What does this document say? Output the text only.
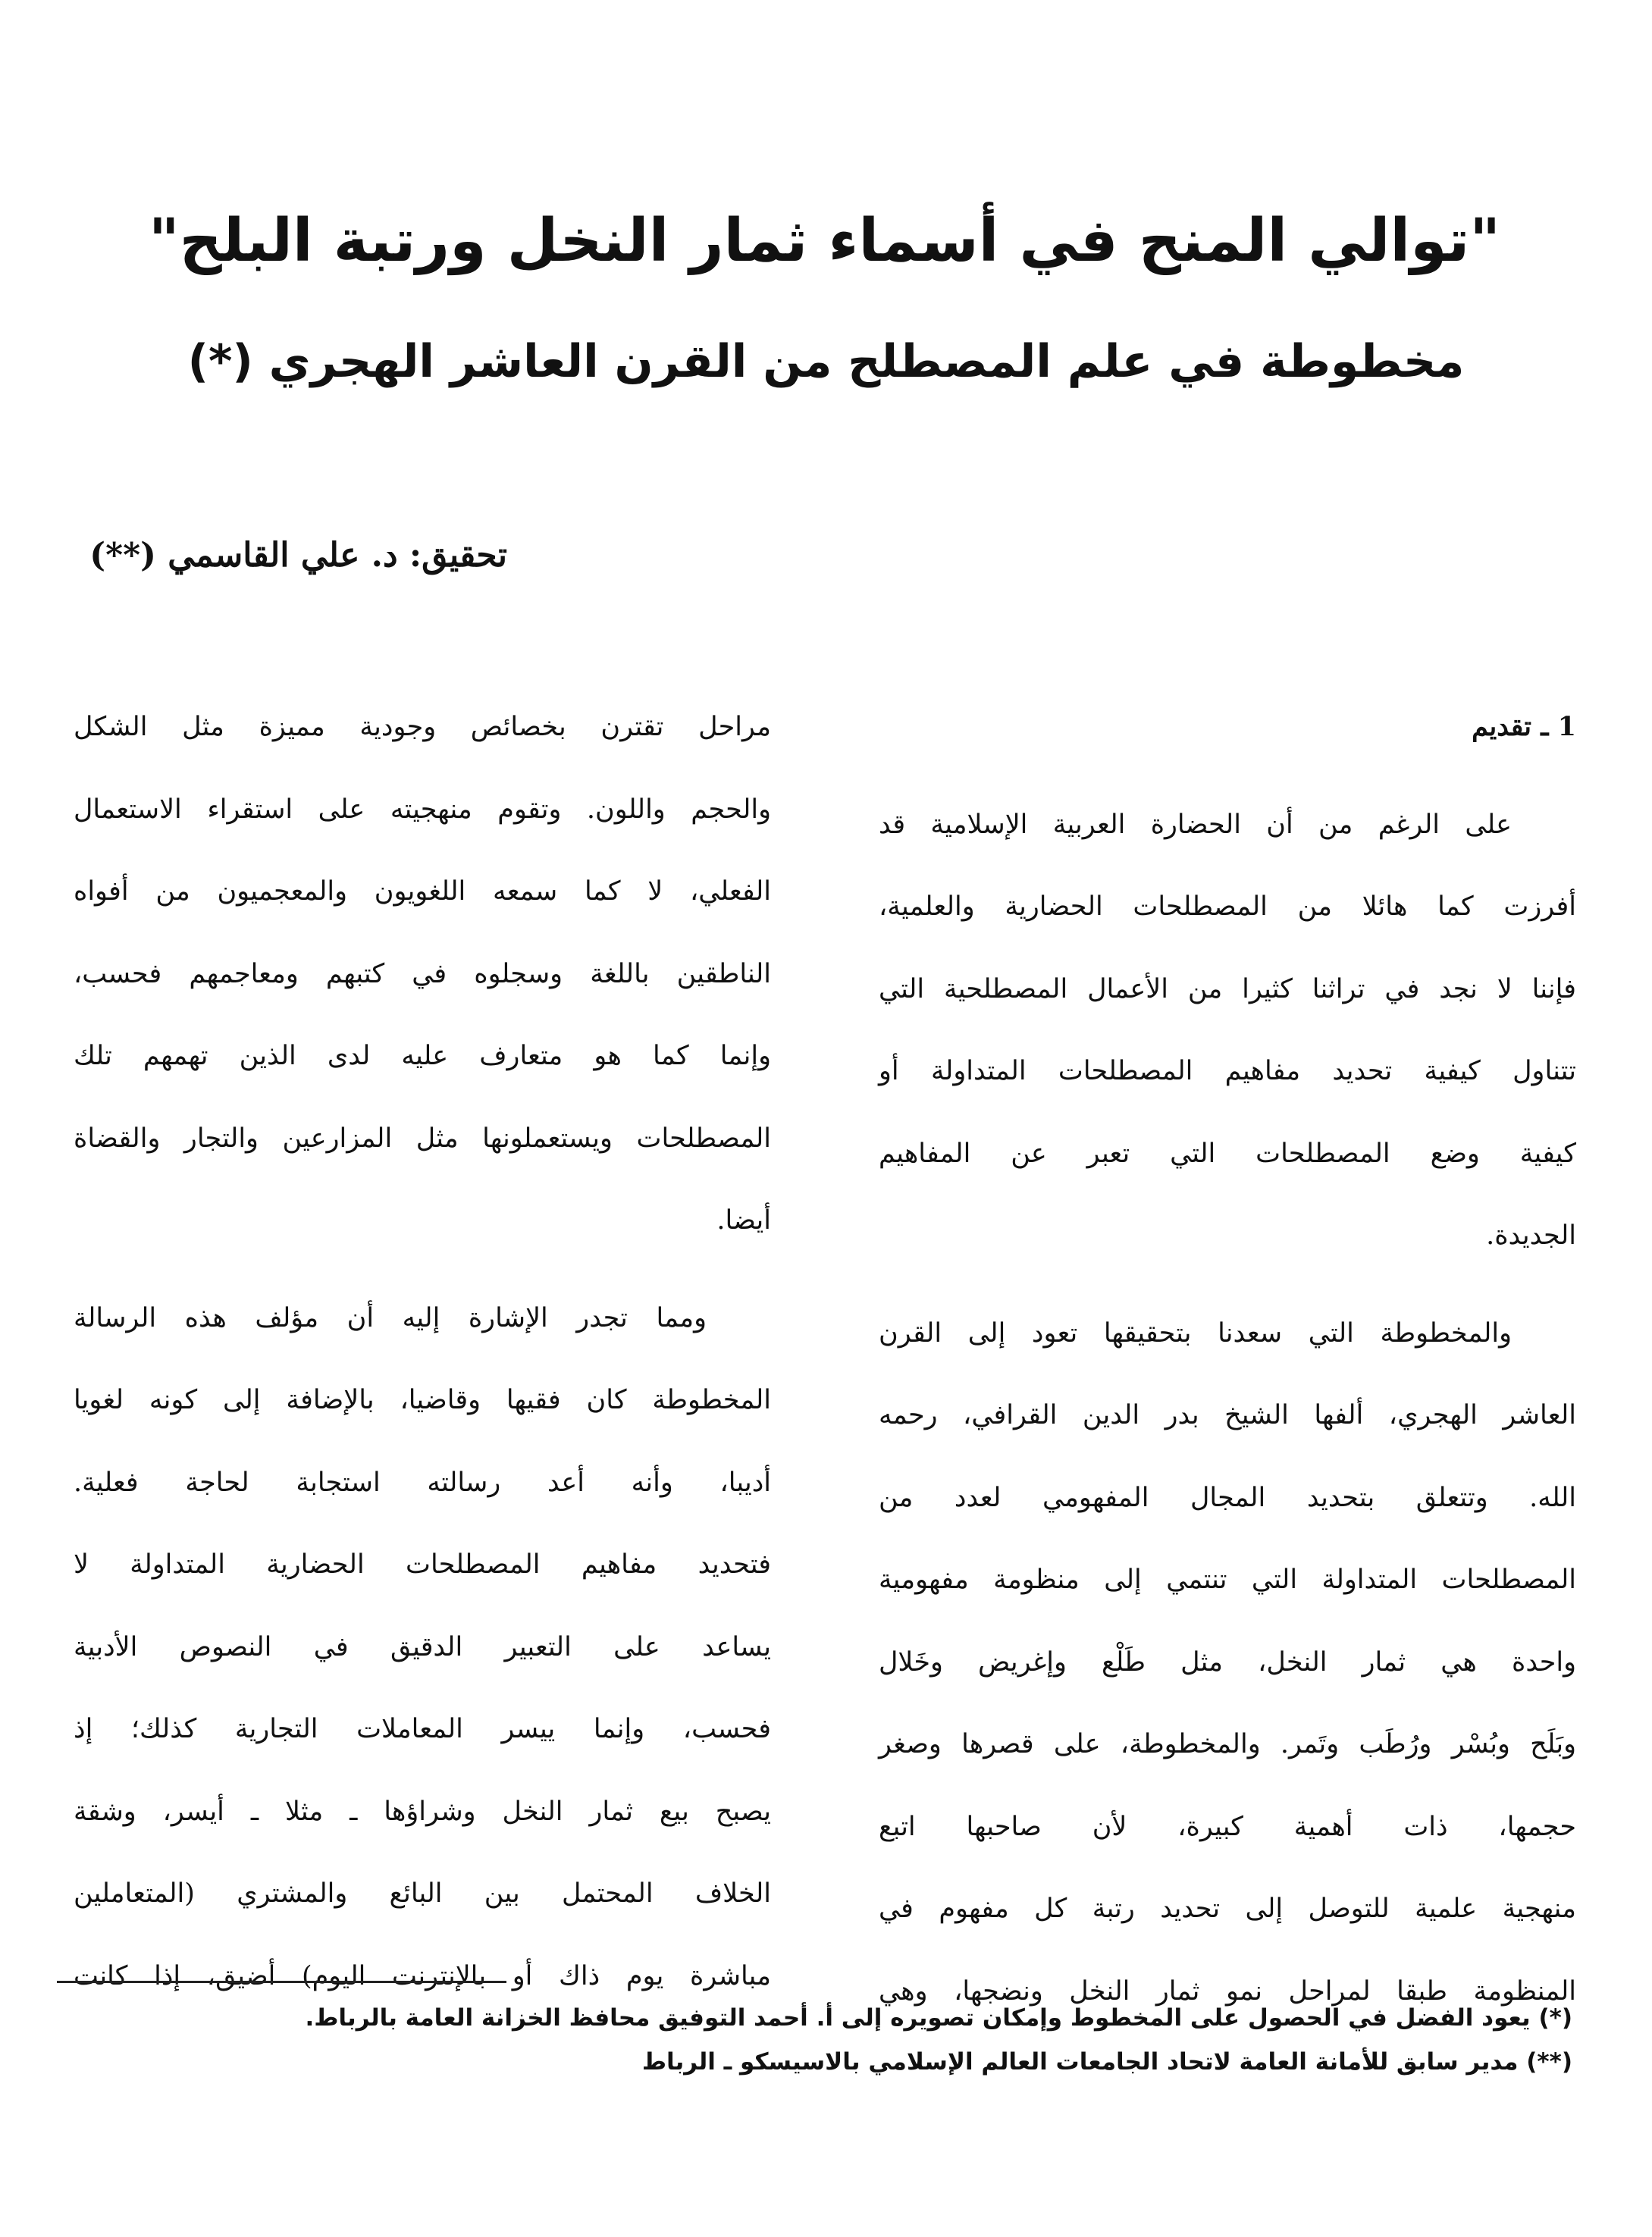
"توالي المنح في أسماء ثمار النخل ورتبة البلح"
مخطوطة في علم المصطلح من القرن العاشر الهجري (*)

تحقيق: د. علي القاسمي (**)

1 ـ تقديم

على الرغم من أن الحضارة العربية الإسلامية قد
أفرزت كما هائلا من المصطلحات الحضارية والعلمية،
فإننا لا نجد في تراثنا كثيرا من الأعمال المصطلحية التي
تتناول كيفية تحديد مفاهيم المصطلحات المتداولة أو
كيفية وضع المصطلحات التي تعبر عن المفاهيم
الجديدة.

والمخطوطة التي سعدنا بتحقيقها تعود إلى القرن
العاشر الهجري، ألفها الشيخ بدر الدين القرافي، رحمه
الله. وتتعلق بتحديد المجال المفهومي لعدد من
المصطلحات المتداولة التي تنتمي إلى منظومة مفهومية
واحدة هي ثمار النخل، مثل طَلْع وإغريض وخَلال
وبَلَح وبُسْر ورُطَب وتَمر. والمخطوطة، على قصرها وصغر
حجمها، ذات أهمية كبيرة، لأن صاحبها اتبع
منهجية علمية للتوصل إلى تحديد رتبة كل مفهوم في
المنظومة طبقا لمراحل نمو ثمار النخل ونضجها، وهي

مراحل تقترن بخصائص وجودية مميزة مثل الشكل
والحجم واللون. وتقوم منهجيته على استقراء الاستعمال
الفعلي، لا كما سمعه اللغويون والمعجميون من أفواه
الناطقين باللغة وسجلوه في كتبهم ومعاجمهم فحسب،
وإنما كما هو متعارف عليه لدى الذين تهمهم تلك
المصطلحات ويستعملونها مثل المزارعين والتجار والقضاة
أيضا.

ومما تجدر الإشارة إليه أن مؤلف هذه الرسالة
المخطوطة كان فقيها وقاضيا، بالإضافة إلى كونه لغويا
أديبا، وأنه أعد رسالته استجابة لحاجة فعلية.
فتحديد مفاهيم المصطلحات الحضارية المتداولة لا
يساعد على التعبير الدقيق في النصوص الأدبية
فحسب، وإنما ييسر المعاملات التجارية كذلك؛ إذ
يصبح بيع ثمار النخل وشراؤها ـ مثلا ـ أيسر، وشقة
الخلاف المحتمل بين البائع والمشتري (المتعاملين
مباشرة يوم ذاك أو بالإنترنت اليوم) أضيق، إذا كانت

(*) يعود الفضل في الحصول على المخطوط وإمكان تصويره إلى أ. أحمد التوفيق محافظ الخزانة العامة بالرباط.

(**) مدير سابق للأمانة العامة لاتحاد الجامعات العالم الإسلامي بالاسيسكو ـ الرباط
